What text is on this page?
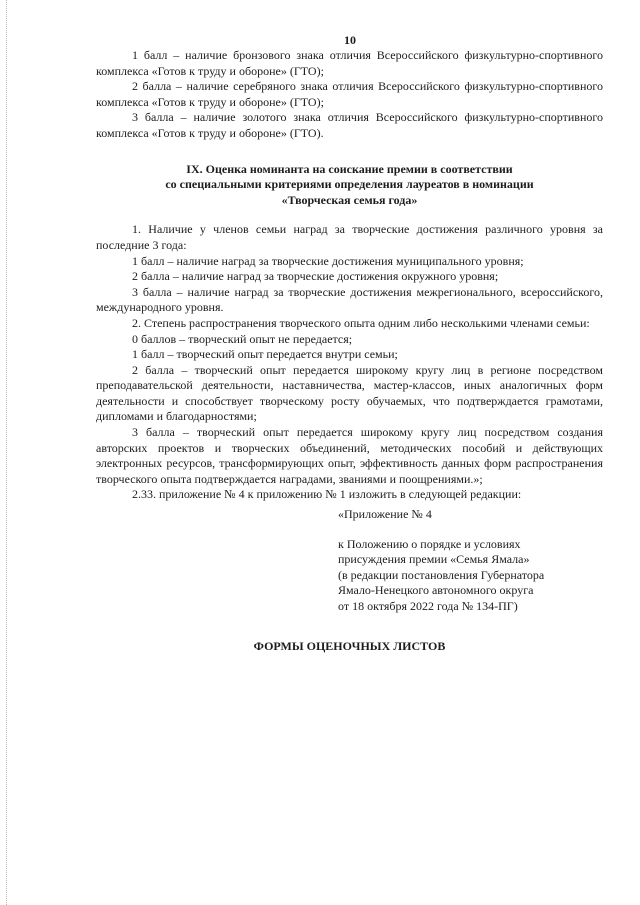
10

1 балл – наличие бронзового знака отличия Всероссийского физкультурно-спортивного комплекса «Готов к труду и обороне» (ГТО);

2 балла – наличие серебряного знака отличия Всероссийского физкультурно-спортивного комплекса «Готов к труду и обороне» (ГТО);

3 балла – наличие золотого знака отличия Всероссийского физкультурно-спортивного комплекса «Готов к труду и обороне» (ГТО).

IX. Оценка номинанта на соискание премии в соответствии
со специальными критериями определения лауреатов в номинации
«Творческая семья года»

1. Наличие у членов семьи наград за творческие достижения различного уровня за последние 3 года:

1 балл – наличие наград за творческие достижения муниципального уровня;

2 балла – наличие наград за творческие достижения окружного уровня;

3 балла – наличие наград за творческие достижения межрегионального, всероссийского, международного уровня.

2. Степень распространения творческого опыта одним либо несколькими членами семьи:

0 баллов – творческий опыт не передается;

1 балл – творческий опыт передается внутри семьи;

2 балла – творческий опыт передается широкому кругу лиц в регионе посредством преподавательской деятельности, наставничества, мастер-классов, иных аналогичных форм деятельности и способствует творческому росту обучаемых, что подтверждается грамотами, дипломами и благодарностями;

3 балла – творческий опыт передается широкому кругу лиц посредством создания авторских проектов и творческих объединений, методических пособий и действующих электронных ресурсов, трансформирующих опыт, эффективность данных форм распространения творческого опыта подтверждается наградами, званиями и поощрениями.»;

2.33. приложение № 4 к приложению № 1 изложить в следующей редакции:

«Приложение № 4
к Положению о порядке и условиях
присуждения премии «Семья Ямала»
(в редакции постановления Губернатора
Ямало-Ненецкого автономного округа
от 18 октября 2022 года № 134-ПГ)

ФОРМЫ ОЦЕНОЧНЫХ ЛИСТОВ
